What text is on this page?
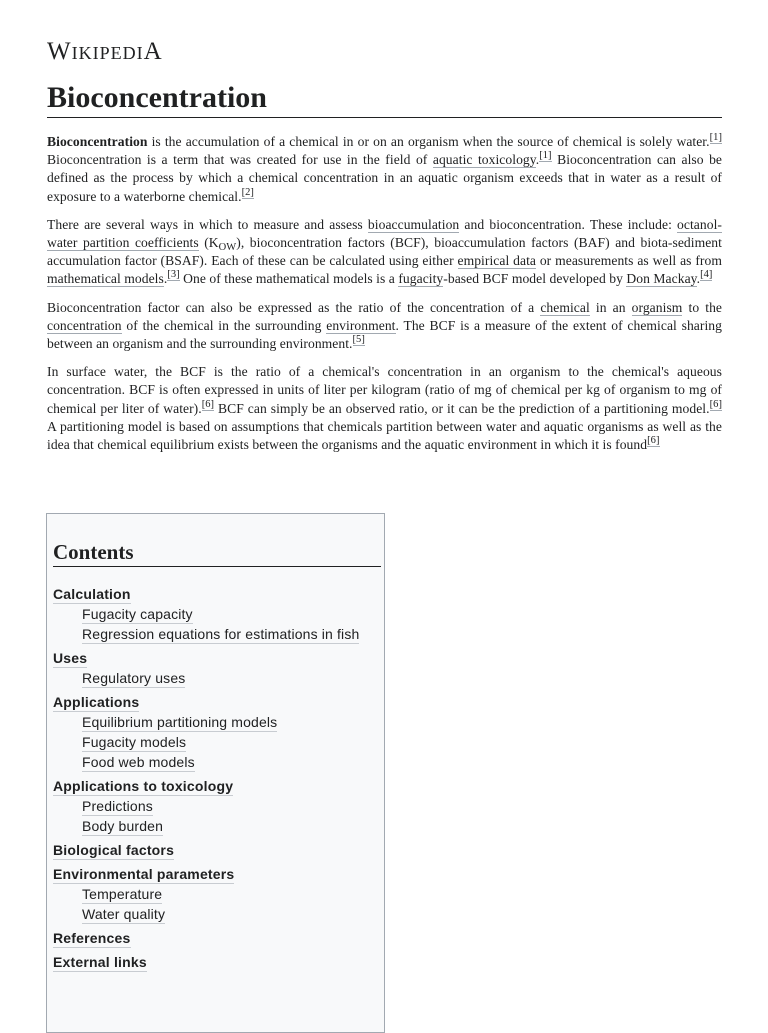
WIKIPEDIA
Bioconcentration

Bioconcentration is the accumulation of a chemical in or on an organism when the source of chemical is solely water.[1] Bioconcentration is a term that was created for use in the field of aquatic toxicology.[1] Bioconcentration can also be defined as the process by which a chemical concentration in an aquatic organism exceeds that in water as a result of exposure to a waterborne chemical.[2]

There are several ways in which to measure and assess bioaccumulation and bioconcentration. These include: octanol-water partition coefficients $(K_{OW})$, bioconcentration factors (BCF), bioaccumulation factors (BAF) and biota-sediment accumulation factor (BSAF). Each of these can be calculated using either empirical data or measurements as well as from mathematical models.[3] One of these mathematical models is a fugacity-based BCF model developed by Don Mackay.[4]

Bioconcentration factor can also be expressed as the ratio of the concentration of a chemical in an organism to the concentration of the chemical in the surrounding environment. The BCF is a measure of the extent of chemical sharing between an organism and the surrounding environment.[5]

In surface water, the BCF is the ratio of a chemical's concentration in an organism to the chemical's aqueous concentration. BCF is often expressed in units of liter per kilogram (ratio of mg of chemical per kg of organism to mg of chemical per liter of water).[6] BCF can simply be an observed ratio, or it can be the prediction of a partitioning model.[6] A partitioning model is based on assumptions that chemicals partition between water and aquatic organisms as well as the idea that chemical equilibrium exists between the organisms and the aquatic environment in which it is found[6]

Contents
Calculation
Fugacity capacity
Regression equations for estimations in fish
Uses
Regulatory uses
Applications
Equilibrium partitioning models
Fugacity models
Food web models
Applications to toxicology
Predictions
Body burden
Biological factors
Environmental parameters
Temperature
Water quality
References
External links
